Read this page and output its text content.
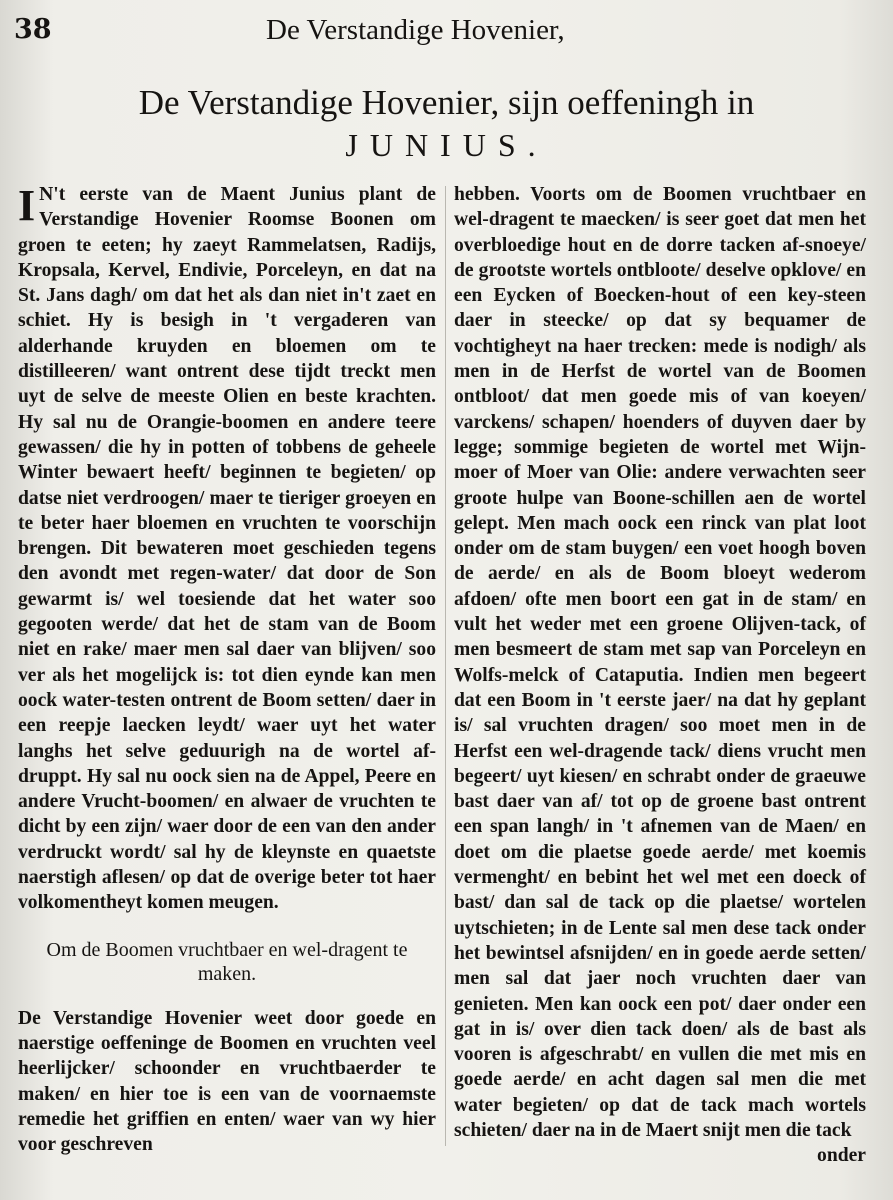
38	De Verstandige Hovenier,
De Verstandige Hovenier, sijn oeffeningh in
JUNIUS.

I N't eerste van de Maent Junius plant de Verstandige Hovenier Roomse Boonen om groen te eeten; hy zaeyt Rammelatsen, Radijs, Kropsala, Kervel, Endivie, Porceleyn, en dat na St. Jans dagh/ om dat het als dan niet in't zaet en schiet. Hy is besigh in 't vergaderen van alderhande kruyden en bloemen om te distilleeren/ want ontrent dese tijdt treckt men uyt de selve de meeste Olien en beste krachten. Hy sal nu de Orangie-boomen en andere teere gewassen/ die hy in potten of tobbens de geheele Winter bewaert heeft/ beginnen te begieten/ op datse niet verdroogen/ maer te tieriger groeyen en te beter haer bloemen en vruchten te voorschijn brengen. Dit bewateren moet geschieden tegens den avondt met regen-water/ dat door de Son gewarmt is/ wel toesiende dat het water soo gegooten werde/ dat het de stam van de Boom niet en rake/ maer men sal daer van blijven/ soo ver als het mogelijck is: tot dien eynde kan men oock water-testen ontrent de Boom setten/ daer in een reepje laecken leydt/ waer uyt het water langhs het selve geduurigh na de wortel af-druppt. Hy sal nu oock sien na de Appel, Peere en andere Vrucht-boomen/ en alwaer de vruchten te dicht by een zijn/ waer door de een van den ander verdruckt wordt/ sal hy de kleynste en quaetste naerstigh aflesen/ op dat de overige beter tot haer volkomentheyt komen meugen.

Om de Boomen vruchtbaer en wel-dragent te maken.

De Verstandige Hovenier weet door goede en naerstige oeffeninge de Boomen en vruchten veel heerlijcker/ schoonder en vruchtbaerder te maken/ en hier toe is een van de voornaemste remedie het griffien en enten/ waer van wy hier voor geschreven

hebben. Voorts om de Boomen vruchtbaer en wel-dragent te maecken/ is seer goet dat men het overbloedige hout en de dorre tacken af-snoeye/ de grootste wortels ontbloote/ deselve opklove/ en een Eycken of Boecken-hout of een key-steen daer in steecke/ op dat sy bequamer de vochtigheyt na haer trecken: mede is nodigh/ als men in de Herfst de wortel van de Boomen ontbloot/ dat men goede mis of van koeyen/ varckens/ schapen/ hoenders of duyven daer by legge; sommige begieten de wortel met Wijn-moer of Moer van Olie: andere verwachten seer groote hulpe van Boone-schillen aen de wortel gelept. Men mach oock een rinck van plat loot onder om de stam buygen/ een voet hoogh boven de aerde/ en als de Boom bloeyt wederom afdoen/ ofte men boort een gat in de stam/ en vult het weder met een groene Olijven-tack, of men besmeert de stam met sap van Porceleyn en Wolfs-melck of Cataputia. Indien men begeert dat een Boom in 't eerste jaer/ na dat hy geplant is/ sal vruchten dragen/ soo moet men in de Herfst een wel-dragende tack/ diens vrucht men begeert/ uyt kiesen/ en schrabt onder de graeuwe bast daer van af/ tot op de groene bast ontrent een span langh/ in 't afnemen van de Maen/ en doet om die plaetse goede aerde/ met koemis vermenght/ en bebint het wel met een doeck of bast/ dan sal de tack op die plaetse/ wortelen uytschieten; in de Lente sal men dese tack onder het bewintsel afsnijden/ en in goede aerde setten/ men sal dat jaer noch vruchten daer van genieten. Men kan oock een pot/ daer onder een gat in is/ over dien tack doen/ als de bast als vooren is afgeschrabt/ en vullen die met mis en goede aerde/ en acht dagen sal men die met water begieten/ op dat de tack mach wortels schieten/ daer na in de Maert snijt men die tack

onder
